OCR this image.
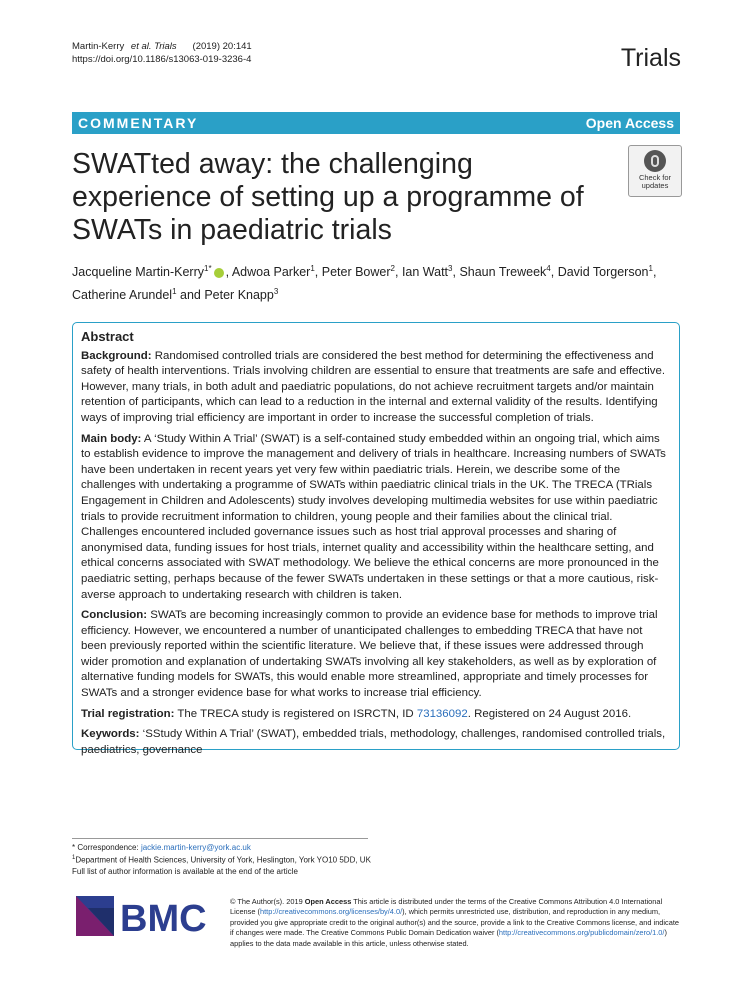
Martin-Kerry et al. Trials (2019) 20:141
https://doi.org/10.1186/s13063-019-3236-4	Trials
COMMENTARY	Open Access
SWATted away: the challenging experience of setting up a programme of SWATs in paediatric trials
Check for
updates
Jacqueline Martin-Kerry$^{1*}$ , Adwoa Parker$^1$, Peter Bower$^2$, Ian Watt$^3$, Shaun Treweek$^4$, David Torgerson$^1$,
Catherine Arundel$^1$ and Peter Knapp$^3$
Abstract

Background: Randomised controlled trials are considered the best method for determining the effectiveness and safety of health interventions. Trials involving children are essential to ensure that treatments are safe and effective. However, many trials, in both adult and paediatric populations, do not achieve recruitment targets and/or maintain retention of participants, which can lead to a reduction in the internal and external validity of the results. Identifying ways of improving trial efficiency are important in order to increase the successful completion of trials.

Main body: A ‘Study Within A Trial’ (SWAT) is a self-contained study embedded within an ongoing trial, which aims to establish evidence to improve the management and delivery of trials in healthcare. Increasing numbers of SWATs have been undertaken in recent years yet very few within paediatric trials. Herein, we describe some of the challenges with undertaking a programme of SWATs within paediatric clinical trials in the UK. The TRECA (TRials Engagement in Children and Adolescents) study involves developing multimedia websites for use within paediatric trials to provide recruitment information to children, young people and their families about the clinical trial. Challenges encountered included governance issues such as host trial approval processes and sharing of anonymised data, funding issues for host trials, internet quality and accessibility within the healthcare setting, and ethical concerns associated with SWAT methodology. We believe the ethical concerns are more pronounced in the paediatric setting, perhaps because of the fewer SWATs undertaken in these settings or that a more cautious, risk-averse approach to undertaking research with children is taken.

Conclusion: SWATs are becoming increasingly common to provide an evidence base for methods to improve trial efficiency. However, we encountered a number of unanticipated challenges to embedding TRECA that have not been previously reported within the scientific literature. We believe that, if these issues were addressed through wider promotion and explanation of undertaking SWATs involving all key stakeholders, as well as by exploration of alternative funding models for SWATs, this would enable more streamlined, appropriate and timely processes for SWATs and a stronger evidence base for what works to increase trial efficiency.

Trial registration: The TRECA study is registered on ISRCTN, ID 73136092. Registered on 24 August 2016.

Keywords: ‘SStudy Within A Trial’ (SWAT), embedded trials, methodology, challenges, randomised controlled trials, paediatrics, governance

* Correspondence: jackie.martin-kerry@york.ac.uk
$^1$Department of Health Sciences, University of York, Heslington, York YO10 5DD, UK
Full list of author information is available at the end of the article
BMC	© The Author(s). 2019 Open Access This article is distributed under the terms of the Creative Commons Attribution 4.0 International License (http://creativecommons.org/licenses/by/4.0/), which permits unrestricted use, distribution, and reproduction in any medium, provided you give appropriate credit to the original author(s) and the source, provide a link to the Creative Commons license, and indicate if changes were made. The Creative Commons Public Domain Dedication waiver (http://creativecommons.org/publicdomain/zero/1.0/) applies to the data made available in this article, unless otherwise stated.
